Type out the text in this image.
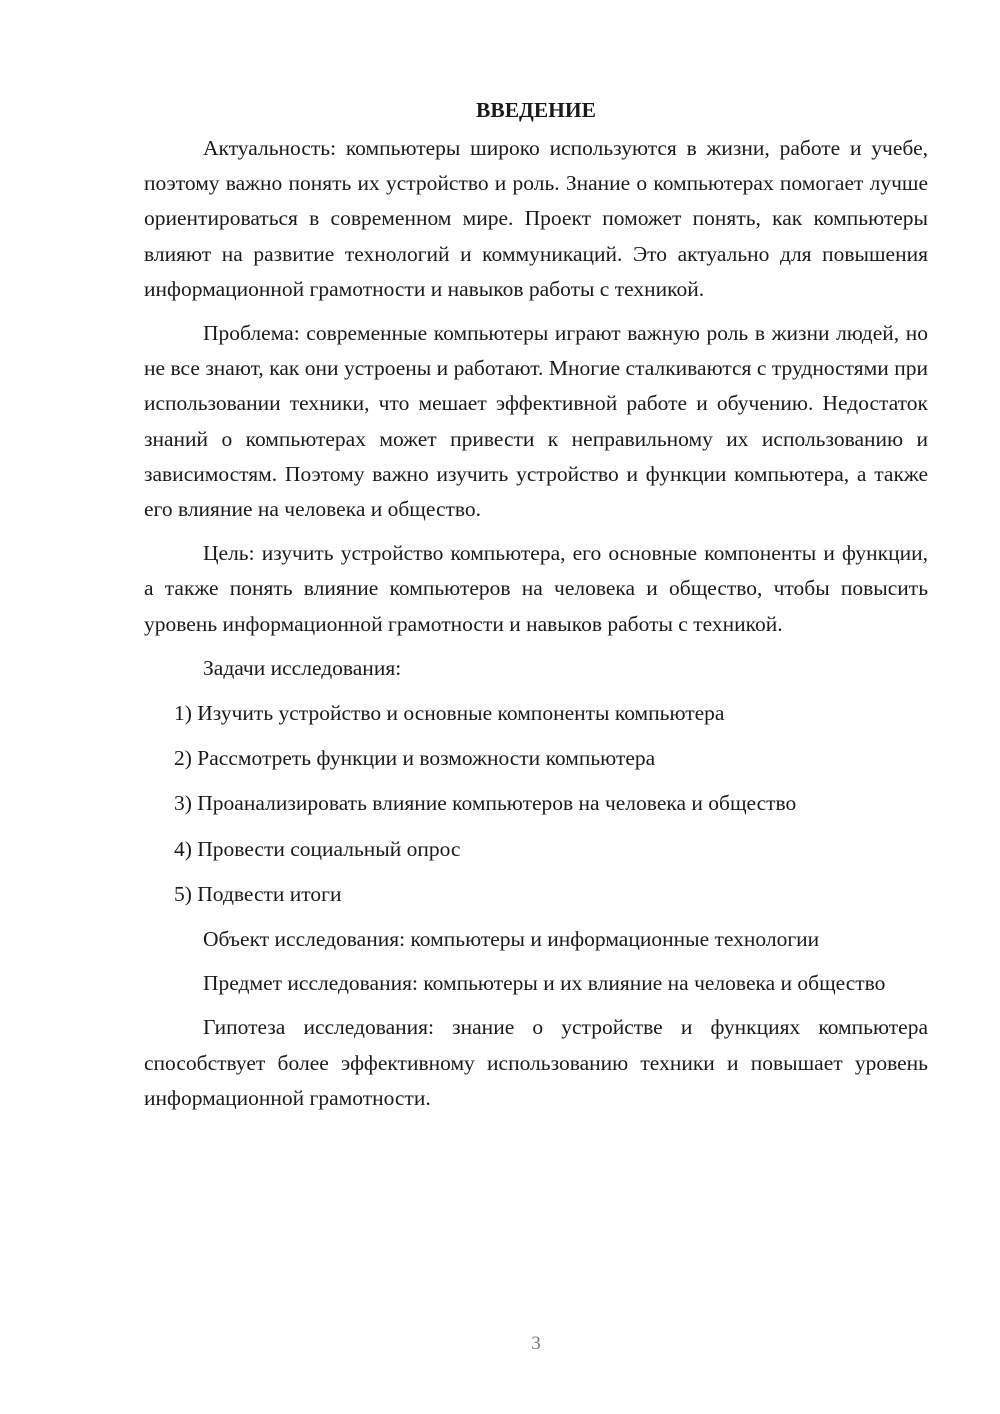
ВВЕДЕНИЕ

Актуальность: компьютеры широко используются в жизни, работе и учебе, поэтому важно понять их устройство и роль. Знание о компьютерах помогает лучше ориентироваться в современном мире. Проект поможет понять, как компьютеры влияют на развитие технологий и коммуникаций. Это актуально для повышения информационной грамотности и навыков работы с техникой.

Проблема: современные компьютеры играют важную роль в жизни людей, но не все знают, как они устроены и работают. Многие сталкиваются с трудностями при использовании техники, что мешает эффективной работе и обучению. Недостаток знаний о компьютерах может привести к неправильному их использованию и зависимостям. Поэтому важно изучить устройство и функции компьютера, а также его влияние на человека и общество.

Цель: изучить устройство компьютера, его основные компоненты и функции, а также понять влияние компьютеров на человека и общество, чтобы повысить уровень информационной грамотности и навыков работы с техникой.

Задачи исследования:

1) Изучить устройство и основные компоненты компьютера
2) Рассмотреть функции и возможности компьютера
3) Проанализировать влияние компьютеров на человека и общество
4) Провести социальный опрос
5) Подвести итоги

Объект исследования: компьютеры и информационные технологии

Предмет исследования: компьютеры и их влияние на человека и общество

Гипотеза исследования: знание о устройстве и функциях компьютера способствует более эффективному использованию техники и повышает уровень информационной грамотности.

3
